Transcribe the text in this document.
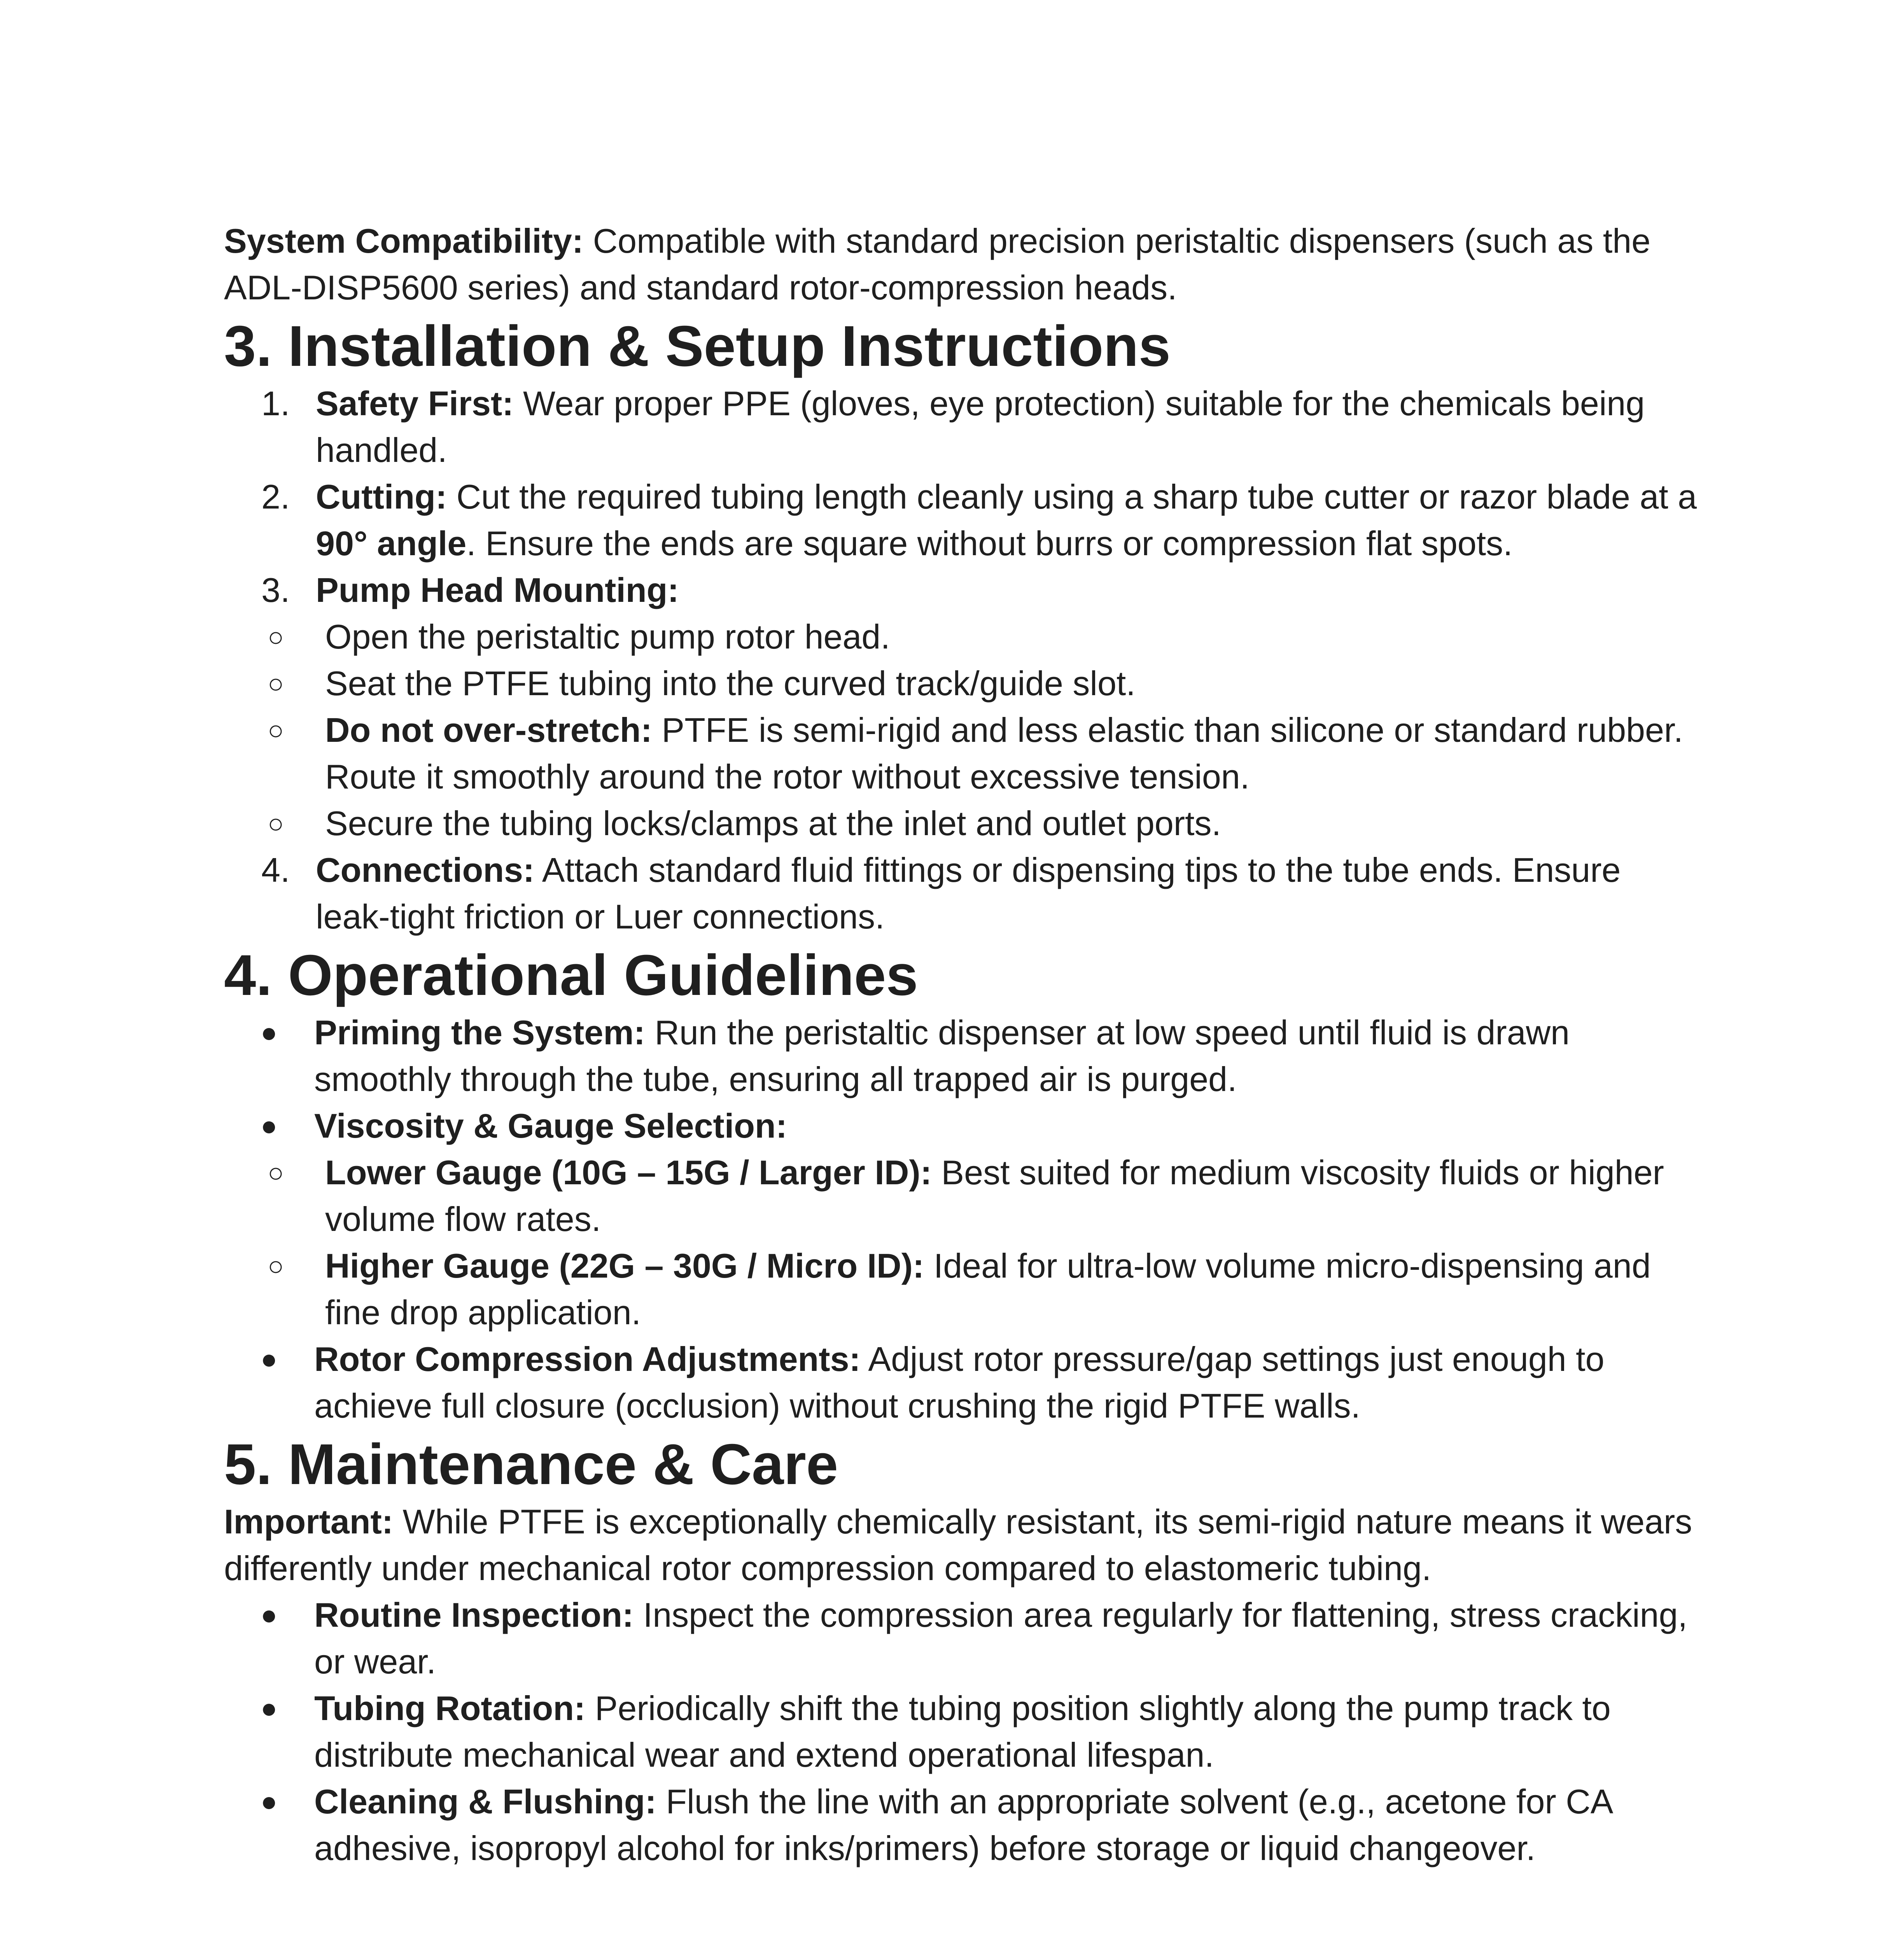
System Compatibility: Compatible with standard precision peristaltic dispensers (such as the ADL-DISP5600 series) and standard rotor-compression heads.

3. Installation & Setup Instructions

1. Safety First: Wear proper PPE (gloves, eye protection) suitable for the chemicals being handled.

2. Cutting: Cut the required tubing length cleanly using a sharp tube cutter or razor blade at a 90° angle. Ensure the ends are square without burrs or compression flat spots.

3. Pump Head Mounting:

○ Open the peristaltic pump rotor head.

○ Seat the PTFE tubing into the curved track/guide slot.

○ Do not over-stretch: PTFE is semi-rigid and less elastic than silicone or standard rubber. Route it smoothly around the rotor without excessive tension.

○ Secure the tubing locks/clamps at the inlet and outlet ports.

4. Connections: Attach standard fluid fittings or dispensing tips to the tube ends. Ensure leak-tight friction or Luer connections.

4. Operational Guidelines

● Priming the System: Run the peristaltic dispenser at low speed until fluid is drawn smoothly through the tube, ensuring all trapped air is purged.

● Viscosity & Gauge Selection:

○ Lower Gauge (10G – 15G / Larger ID): Best suited for medium viscosity fluids or higher volume flow rates.

○ Higher Gauge (22G – 30G / Micro ID): Ideal for ultra-low volume micro-dispensing and fine drop application.

● Rotor Compression Adjustments: Adjust rotor pressure/gap settings just enough to achieve full closure (occlusion) without crushing the rigid PTFE walls.

5. Maintenance & Care

Important: While PTFE is exceptionally chemically resistant, its semi-rigid nature means it wears differently under mechanical rotor compression compared to elastomeric tubing.

● Routine Inspection: Inspect the compression area regularly for flattening, stress cracking, or wear.

● Tubing Rotation: Periodically shift the tubing position slightly along the pump track to distribute mechanical wear and extend operational lifespan.

● Cleaning & Flushing: Flush the line with an appropriate solvent (e.g., acetone for CA adhesive, isopropyl alcohol for inks/primers) before storage or liquid changeover.
